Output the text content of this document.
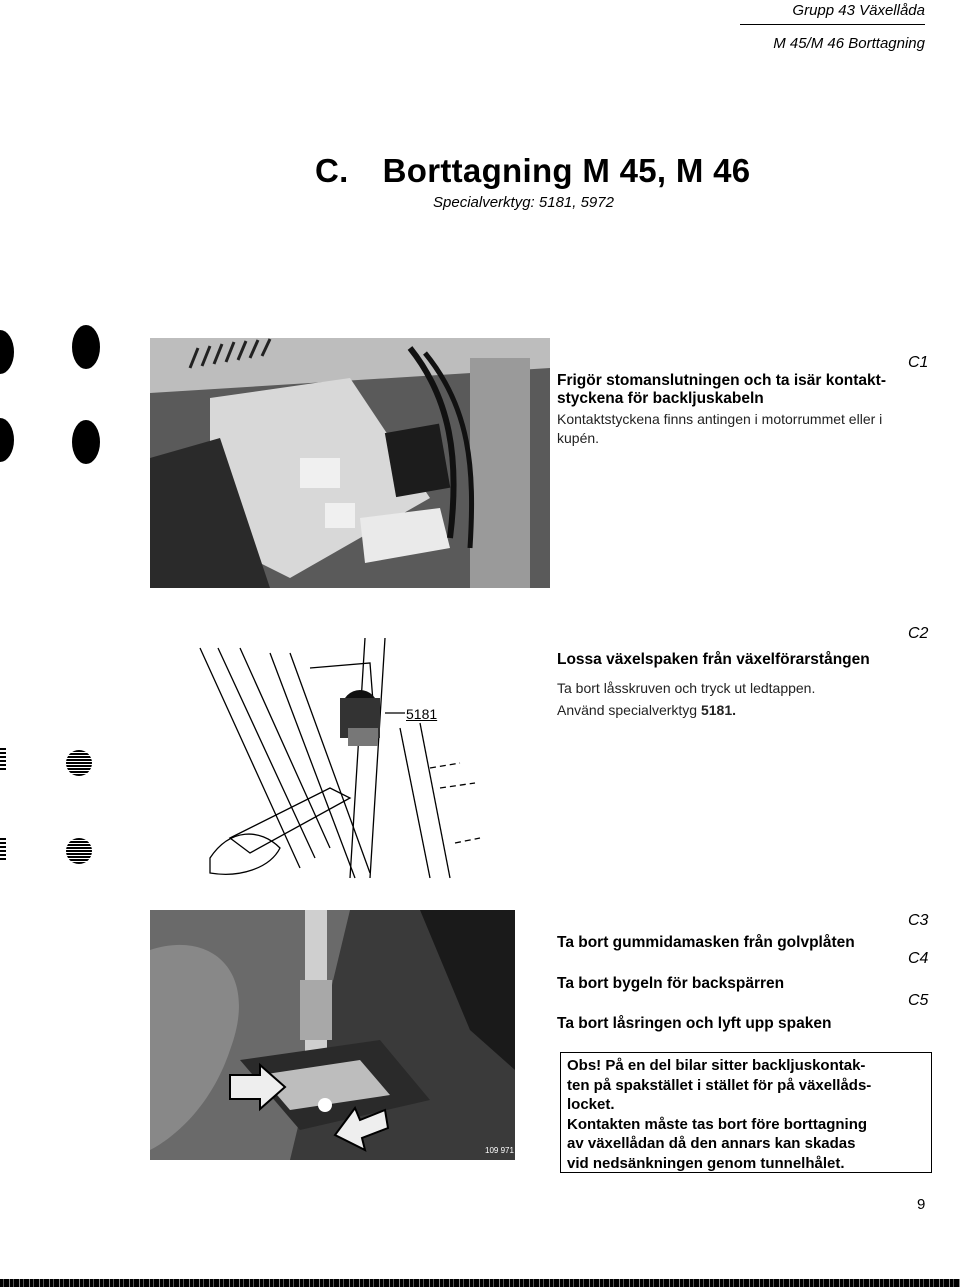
Grupp 43 Växellåda
M 45/M 46 Borttagning
C. Borttagning M 45, M 46
Specialverktyg: 5181, 5972
C1
Frigör stomanslutningen och ta isär kontakt-
styckena för backljuskabeln
Kontaktstyckena finns antingen i motorrummet eller i
kupén.
5181
C2
Lossa växelspaken från växelförarstången
Ta bort låsskruven och tryck ut ledtappen.
Använd specialverktyg 5181.
109 971
C3
Ta bort gummidamasken från golvplåten
C4
Ta bort bygeln för backspärren
C5
Ta bort låsringen och lyft upp spaken
Obs! På en del bilar sitter backljuskontak-
ten på spakstället i stället för på växellåds-
locket.
Kontakten måste tas bort före borttagning
av växellådan då den annars kan skadas
vid nedsänkningen genom tunnelhålet.
9
